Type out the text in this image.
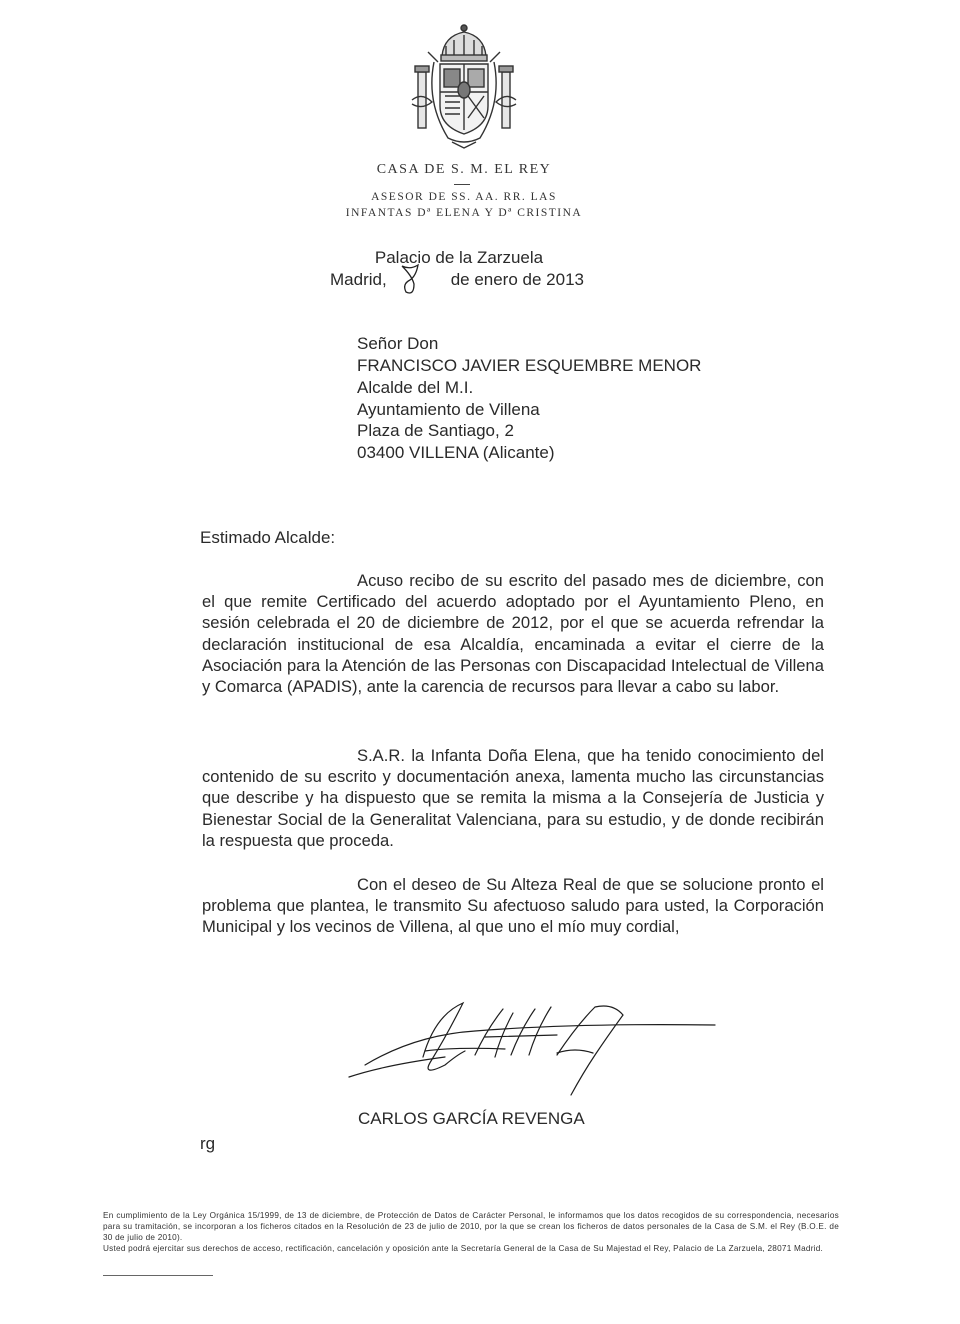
CASA DE S. M. EL REY
ASESOR DE SS. AA. RR. LAS
INFANTAS Dª ELENA Y Dª CRISTINA
Palacio de la Zarzuela
Madrid,	de enero de 2013
Señor Don
FRANCISCO JAVIER ESQUEMBRE MENOR
Alcalde del M.I.
Ayuntamiento de Villena
Plaza de Santiago, 2
03400 VILLENA (Alicante)
Estimado Alcalde:
Acuso recibo de su escrito del pasado mes de diciembre, con el que remite Certificado del acuerdo adoptado por el Ayuntamiento Pleno, en sesión celebrada el 20 de diciembre de 2012, por el que se acuerda refrendar la declaración institucional de esa Alcaldía, encaminada a evitar el cierre de la Asociación para la Atención de las Personas con Discapacidad Intelectual de Villena y Comarca (APADIS), ante la carencia de recursos para llevar a cabo su labor.
S.A.R. la Infanta Doña Elena, que ha tenido conocimiento del contenido de su escrito y documentación anexa, lamenta mucho las circunstancias que describe y ha dispuesto que se remita la misma a la Consejería de Justicia y Bienestar Social de la Generalitat Valenciana, para su estudio, y de donde recibirán la respuesta que proceda.
Con el deseo de Su Alteza Real de que se solucione pronto el problema que plantea, le transmito Su afectuoso saludo para usted, la Corporación Municipal y los vecinos de Villena, al que uno el mío muy cordial,
CARLOS GARCÍA REVENGA
rg

En cumplimiento de la Ley Orgánica 15/1999, de 13 de diciembre, de Protección de Datos de Carácter Personal, le informamos que los datos recogidos de su correspondencia, necesarios para su tramitación, se incorporan a los ficheros citados en la Resolución de 23 de julio de 2010, por la que se crean los ficheros de datos personales de la Casa de S.M. el Rey (B.O.E. de 30 de julio de 2010).

Usted podrá ejercitar sus derechos de acceso, rectificación, cancelación y oposición ante la Secretaría General de la Casa de Su Majestad el Rey, Palacio de La Zarzuela, 28071 Madrid.
